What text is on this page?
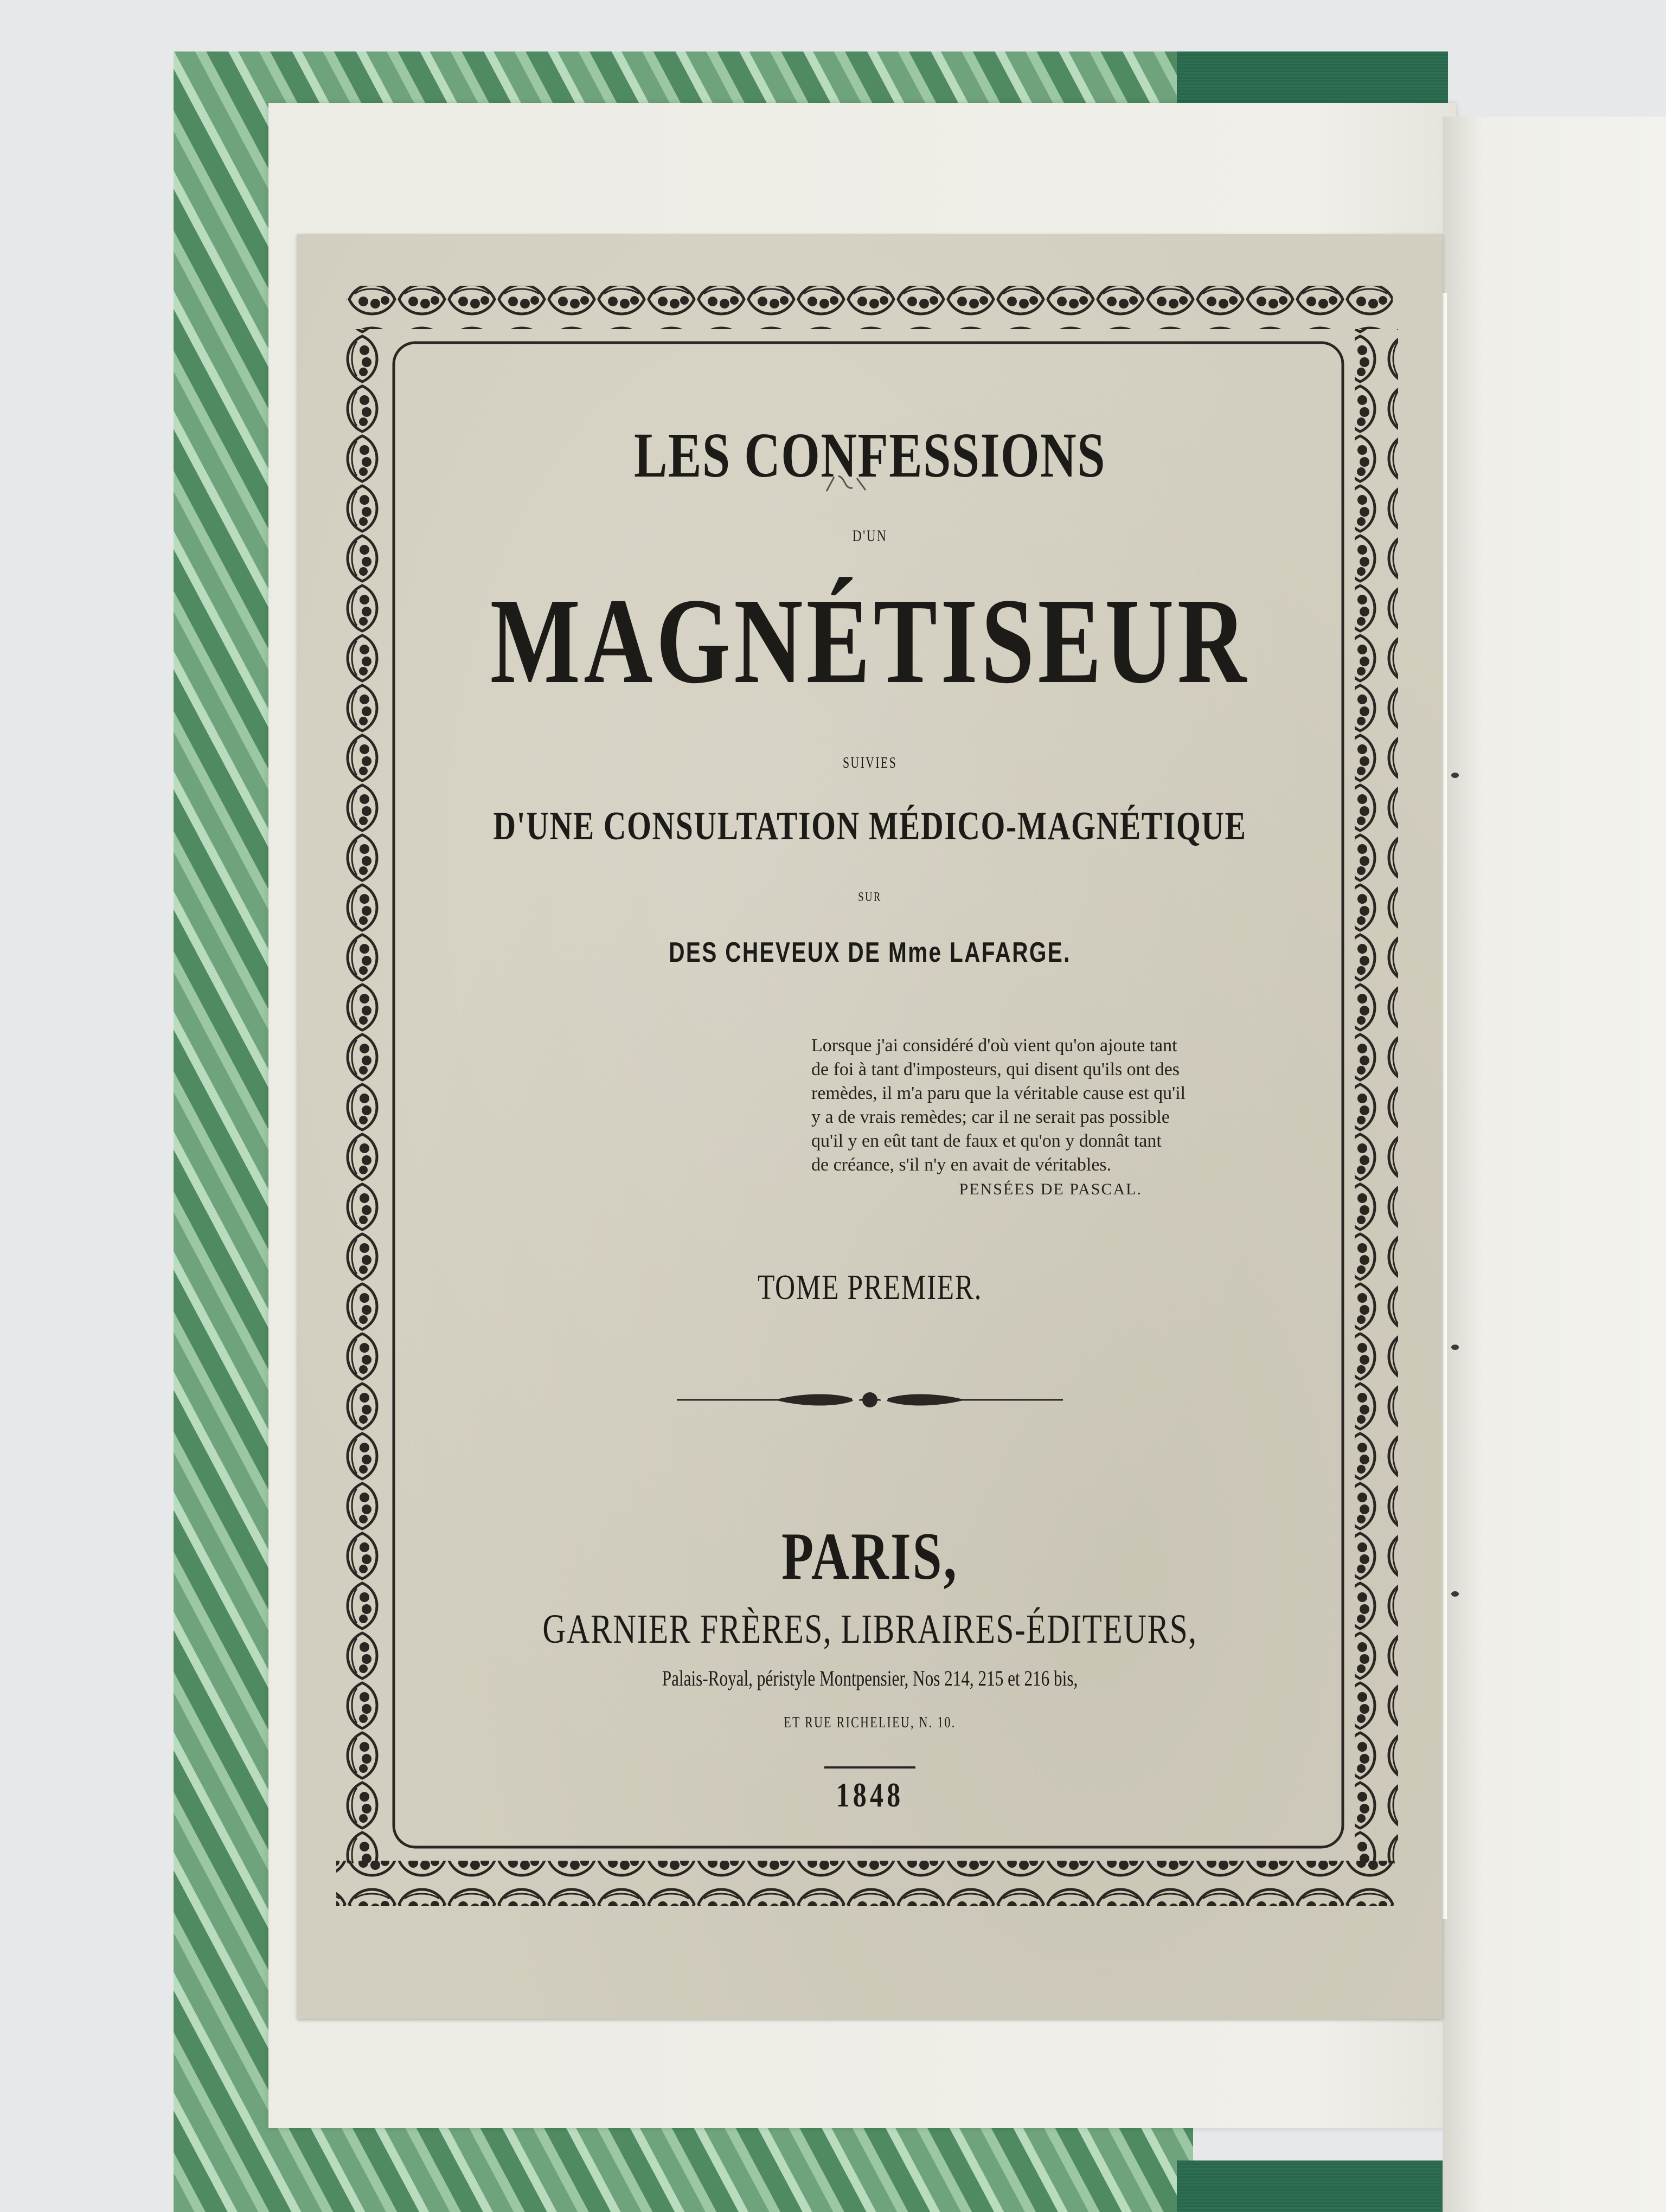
LES CONFESSIONS

D'UN

MAGNÉTISEUR

SUIVIES

D'UNE CONSULTATION MÉDICO-MAGNÉTIQUE

SUR

DES CHEVEUX DE Mme LAFARGE.

Lorsque j'ai considéré d'où vient qu'on ajoute tant
de foi à tant d'imposteurs, qui disent qu'ils ont des
remèdes, il m'a paru que la véritable cause est qu'il
y a de vrais remèdes; car il ne serait pas possible
qu'il y en eût tant de faux et qu'on y donnât tant
de créance, s'il n'y en avait de véritables.
PENSÉES DE PASCAL.

TOME PREMIER.

PARIS,

GARNIER FRÈRES, LIBRAIRES-ÉDITEURS,

Palais-Royal, péristyle Montpensier, Nos 214, 215 et 216 bis,

ET RUE RICHELIEU, N. 10.

1848
